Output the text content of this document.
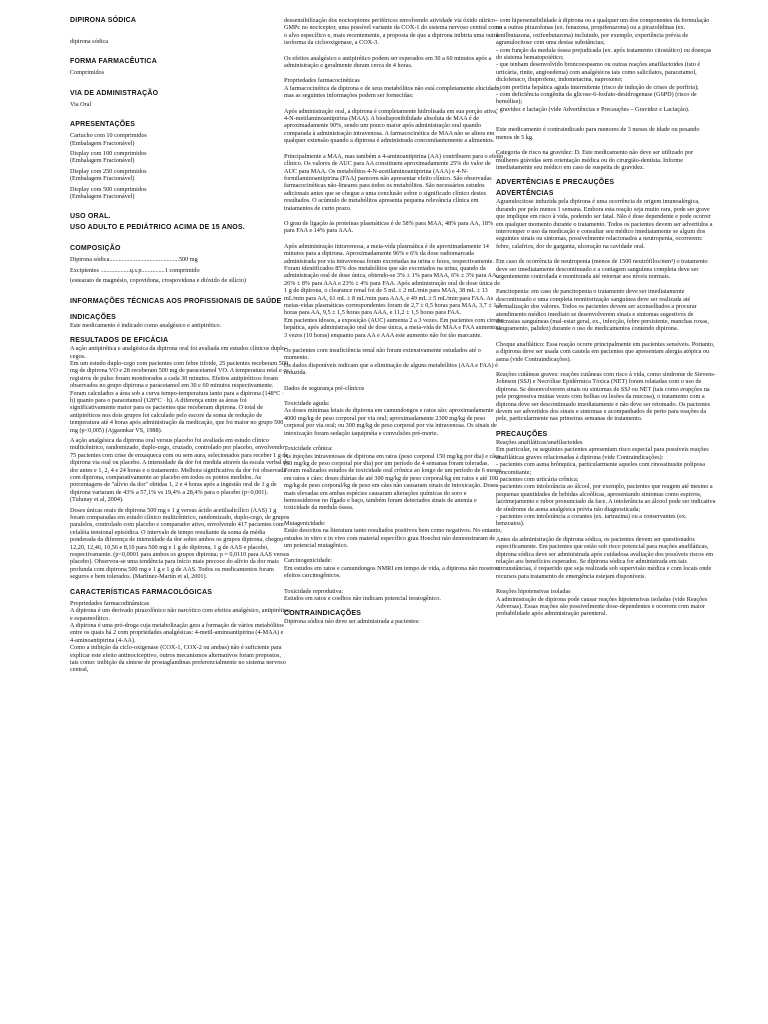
DIPIRONA SÓDICA

dipirona sódica

FORMA FARMACÊUTICA

Comprimidos

VIA DE ADMINISTRAÇÃO

Via Oral

APRESENTAÇÕES

Cartucho com 10 comprimidos

(Embalagem Fracionável)

Display com 100 comprimidos

(Embalagem Fracionável)

Display com 250 comprimidos

(Embalagem Fracionável)

Display com 500 comprimidos

(Embalagem Fracionável)

USO ORAL.

USO ADULTO E PEDIÁTRICO ACIMA DE 15 ANOS.

COMPOSIÇÃO

Dipirona sódica.............................................500 mg

Excipientes ...................q.s.p...............1 comprimido

(estearato de magnésio, copovidona, crospovidona e dióxido de silício)

INFORMAÇÕES TÉCNICAS AOS PROFISSIONAIS DE SAÚDE

INDICAÇÕES

Este medicamento é indicado como analgésico e antipirético.

RESULTADOS DE EFICÁCIA

A ação antipirética e analgésica da dipirona oral foi avaliada em estudos clínicos duplo-cegos.

Em um estudo duplo-cego com pacientes com febre tifoide, 25 pacientes receberam 500 mg de dipirona VO e 28 receberam 500 mg de paracetamol VO. A temperatura retal e os registros de pulso foram monitorados a cada 30 minutos. Efeitos antipiréticos foram observados no grupo dipirona e paracetamol em 30 e 60 minutos respectivamente. Foram calculados a área sob a curva tempo-temperatura tanto para a dipirona (148°C · h) quanto para o paracetamol (128°C · h). A diferença entre as áreas foi significativamente maior para os pacientes que receberam dipirona. O total de antipiréticos nos dois grupos foi calculado pelo escore da soma de redução de temperatura até 4 horas após administração da medicação, que foi maior no grupo 500 mg (p<0,005) (Ajgaonkar VS, 1988).

A ação analgésica da dipirona oral versus placebo foi avaliada em estudo clínico multicêntrico, randomizado, duplo-cego, cruzado, controlado por placebo, envolvendo 75 pacientes com crise de enxaqueca com ou sem aura, selecionados para receber 1 g de dipirona via oral ou placebo. A intensidade da dor foi medida através da escala verbal de dor antes e 1, 2, 4 e 24 horas e o tratamento. Melhora significativa da dor foi observada com dipirona, comparativamente ao placebo em todos os pontos medidos. As porcentagens de "alívio da dor" obtidas 1, 2 e 4 horas após a ingestão oral de 1 g de dipirona variaram de 43% a 57,1% vs 19,4% a 28,4% para o placebo (p<0,001). (Tulunay et al, 2004).

Doses únicas orais de dipirona 500 mg e 1 g versus ácido acetilsalicílico (AAS) 1 g foram comparadas em estudo clínico multicêntrico, randomizado, duplo-cego, de grupos paralelos, controlado com placebo e comparador ativo, envolvendo 417 pacientes com cefaléia tensional episódica. O intervalo de tempo resultante da soma da média ponderada da diferença de intensidade da dor sobre ambos os grupos dipirona, chegou 12,20, 12,46, 10,56 e 8,10 para 500 mg e 1 g de dipirona, 1 g de AAS e placebo, respectivamente. (p<0,0001 para ambos os grupos dipirona; p = 0,0110 para AAS versus placebo). Observou-se uma tendência para início mais precoce do alívio da dor mais profunda com dipirona 500 mg e 1 g e 1 g de AAS. Todos os medicamentos foram seguros e bem tolerados. (Martínez-Martín et al, 2001).

CARACTERÍSTICAS FARMACOLÓGICAS

Propriedades farmacodinâmicas

A dipirona é um derivado pirazolônico não narcótico com efeitos analgésico, antipirético e espasmolítico.

A dipirona é uma pró-droga cuja metabolização gera a formação de vários metabólitos entre os quais há 2 com propriedades analgésicas: 4-metil-aminoantipirina (4-MAA) e 4-aminoantipirina (4-AA).

Como a inibição da ciclo-oxigenase (COX-1, COX-2 ou ambas) não é suficiente para explicar este efeito antinociceptivo, outros mecanismos alternativos foram propostos, tais como: inibição da síntese de prostaglandinas preferencialmente no sistema nervoso central,

dessensibilização dos nociceptores periféricos envolvendo atividade via óxido nítrico-GMPc no nociceptor, uma possível variante da COX-1 do sistema nervoso central como o alvo específico e, mais recentemente, a proposta de que a dipirona inibiria uma outra isoforma da ciclooxigenase, a COX-3.

Os efeitos analgésico e antipirético podem ser esperados em 30 a 60 minutos após a administração e geralmente duram cerca de 4 horas.

Propriedades farmacocinéticas

A farmacocinética da dipirona e de seus metabólitos não está completamente elucidada, mas as seguintes informações podem ser fornecidas:

Após administração oral, a dipirona é completamente hidrolisada em sua porção ativa, 4-N-metilaminoantipirina (MAA). A biodisponibilidade absoluta de MAA é de aproximadamente 90%, sendo um pouco maior após administração oral quando comparada à administração intravenosa. A farmacocinética de MAA não se altera em qualquer extensão quando a dipirona é administrada concomitantemente a alimentos.

Principalmente a MAA, mas também a 4-aminoantipirina (AA) contribuem para o efeito clínico. Os valores de AUC para AA constituem aproximadamente 25% do valor de AUC para MAA. Os metabólitos 4-N-acetilaminoantipirina (AAA) e 4-N-formilaminoantipirina (FAA) parecem não apresentar efeito clínico. São observadas farmacocinéticas não-lineares para todos os metabólitos. São necessários estudos adicionais antes que se chegue a uma conclusão sobre o significado clínico destes resultados. O acúmulo de metabólitos apresenta pequena relevância clínica em tratamentos de curto prazo.

O grau de ligação às proteínas plasmáticas é de 58% para MAA, 48% para AA, 18% para FAA e 14% para AAA.

Após administração intravenosa, a meia-vida plasmática é de aproximadamente 14 minutos para a dipirona. Aproximadamente 96% e 6% da dose radiomarcada administrada por via intravenosa foram excretadas na urina e fezes, respectivamente. Foram identificados 85% dos metabólitos que são excretados na urina, quando da administração oral de dose única, obtendo-se 3% ± 1% para MAA, 6% ± 3% para AA, 26% ± 8% para AAA e 23% ± 4% para FAA. Após administração oral de dose única de 1 g de dipirona, o clearance renal foi de 5 mL ± 2 mL/min para MAA, 38 mL ± 13 mL/min para AA, 61 mL ± 8 mL/min para AAA, e 49 mL ± 5 mL/min para FAA. As meias-vidas plasmáticas correspondentes foram de 2,7 ± 0,5 horas para MAA, 3,7 ± 1,3 horas para AA, 9,5 ± 1,5 horas para AAA, e 11,2 ± 1,5 horas para FAA.

Em pacientes idosos, a exposição (AUC) aumenta 2 a 3 vezes. Em pacientes com cirrose hepática, após administração oral de dose única, a meia-vida de MAA e FAA aumentou 3 vezes (10 horas) enquanto para AA e AAA este aumento não foi tão marcante.

Os pacientes com insuficiência renal não foram extensivamente estudados até o momento.

Os dados disponíveis indicam que a eliminação de alguns metabólitos (AAA e FAA) é reduzida.

Dados de segurança pré-clínicos

Toxicidade aguda:

As doses mínimas letais de dipirona em camundongos e ratos são: aproximadamente 4000 mg/kg de peso corporal por via oral; aproximadamente 2300 mg/kg de peso corporal por via oral; ou 300 mg/kg de peso corporal por via intravenosa. Os sinais de intoxicação foram sedação taquipnéia e convulsões pré-morte.

Toxicidade crônica:

As injeções intravenosas de dipirona em ratos (peso corporal 150 mg/kg por dia) e cães (50 mg/kg de peso corporal por dia) por um período de 4 semanas foram toleradas. Foram realizados estudos de toxicidade oral crônica ao longo de um período de 6 meses em ratos e cães: doses diárias de até 300 mg/kg de peso corporal/kg em ratos e até 100 mg/kg de peso corporal/kg de peso em cães não causaram sinais de intoxicação. Doses mais elevadas em ambas espécies causaram alterações químicas do soro e hemossiderose no fígado e baço, também foram detectados sinais de anemia e toxicidade da medula óssea.

Mutagenicidade:

Estão descritos na literatura tanto resultados positivos bem como negativos. No entanto, estudos in vitro e in vivo com material específico grau Hoechst não demonstraram de um potencial mutagênico.

Carcinogenicidade:

Em estudos em ratos e camundongos NMRI em tempo de vida, a dipirona não mostrou efeitos carcinogênicos.

Toxicidade reprodutiva:

Estudos em ratos e coelhos não indicam potencial teratogênico.

CONTRAINDICAÇÕES

Dipirona sódica não deve ser administrada a pacientes:

- com hipersensibilidade à dipirona ou a qualquer um dos componentes da formulação ou a outras pirazolonas (ex. fenazona, propifenazona) ou a pirazolidinas (ex. fenilbutazona, oxifenbutazona) incluindo, por exemplo, experiência prévia de agranulocitose com uma destas substâncias;

- com função da medula óssea prejudicada (ex. após tratamento citostático) ou doenças do sistema hematopoiético;

- que tenham desenvolvido broncoespasmo ou outras reações anafilactoides (isto é urticária, rinite, angioedema) com analgésicos tais como salicilatos, paracetamol, diclofenaco, ibuprofeno, indometacina, naproxeno;

- com porfiria hepática aguda intermitente (risco de indução de crises de porfiria);

- com deficiência congênita da glicose-6-fosfato-desidrogenase (G6PD) (risco de hemólise);

- gravidez e lactação (vide Advertências e Precauções – Gravidez e Lactação).

Este medicamento é contraindicado para menores de 3 meses de idade ou pesando menos de 5 kg.

Categoria de risco na gravidez: D. Este medicamento não deve ser utilizado por mulheres grávidas sem orientação médica ou do cirurgião-dentista. Informe imediatamente seu médico em caso de suspeita de gravidez.

ADVERTÊNCIAS E PRECAUÇÕES

ADVERTÊNCIAS

Agranulocitose induzida pela dipirona é uma ocorrência de origem imunoalérgica, durando por pelo menos 1 semana. Embora esta reação seja muito rara, pode ser grave que implique em risco à vida, podendo ser fatal. Não é dose dependente e pode ocorrer em qualquer momento durante o tratamento. Todos os pacientes devem ser advertidos a interromper o uso da medicação e consultar seu médico imediatamente se algum dos seguintes sinais ou sintomas, possivelmente relacionados a neutropenia, ocorrerem: febre, calafrios, dor de garganta, ulceração na cavidade oral.

Em caso de ocorrência de neutropenia (menos de 1500 neutrófilos/mm³) o tratamento deve ser imediatamente descontinuado e a contagem sanguínea completa deve ser urgentemente controlada e monitorada até retornar aos níveis normais.

Pancitopenia: em caso de pancitopenia o tratamento deve ser imediatamente descontinuado e uma completa monitorização sanguínea deve ser realizada até normalização dos valores. Todos os pacientes devem ser aconselhados a procurar atendimento médico imediato se desenvolverem sinais e sintomas sugestivos de discrasias sanguíneas (mal-estar geral, ex., infecção, febre persistente, manchas roxas, sangramento, palidez) durante o uso de medicamentos contendo dipirona.

Choque anafilático: Essa reação ocorre principalmente em pacientes sensíveis. Portanto, a dipirona deve ser usada com cautela em pacientes que apresentam alergia atópica ou asma (vide Contraindicações).

Reações cutâneas graves: reações cutâneas com risco à vida, como síndrome de Stevens-Johnson (SSJ) e Necrólise Epidérmica Tóxica (NET) foram relatadas com o uso de dipirona. Se desenvolverem sinais ou sintomas de SSJ ou NET (tais como erupções na pele progressiva muitas vezes com bolhas ou lesões da mucosa), o tratamento com a dipirona deve ser descontinuado imediatamente e não deve ser retomado. Os pacientes devem ser advertidos dos sinais e sintomas e acompanhados de perto para reações da pele, particularmente nas primeiras semanas de tratamento.

PRECAUÇÕES

Reações anafiláticas/anafilactoides

Em particular, os seguintes pacientes apresentam risco especial para possíveis reações anafiláticas graves relacionadas à dipirona (vide Contraindicações):

- pacientes com asma brônquica, particularmente aqueles com rinossinusite poliposa concomitante;

- pacientes com urticária crônica;

- pacientes com intolerância ao álcool, por exemplo, pacientes que reagem até mesmo a pequenas quantidades de bebidas alcoólicas, apresentando sintomas como espirros, lacrimejamento e rubor pronunciado da face. A intolerância ao álcool pode ser indicativa de síndrome da asma analgésica prévia não diagnosticada;

- pacientes com intolerância a corantes (ex. tartrazina) ou a conservantes (ex. benzoatos).

Antes da administração de dipirona sódica, os pacientes devem ser questionados especificamente. Em pacientes que estão sob risco potencial para reações anafiláticas, dipirona sódica deve ser administrada após cuidadosa avaliação dos possíveis riscos em relação aos benefícios esperados. Se dipirona sódica for administrada em tais circunstâncias, é requerido que seja realizada sob supervisão médica e com locais onde recursos para tratamento de emergência estejam disponíveis.

Reações hipotensivas isoladas

A administração de dipirona pode causar reações hipotensivas isoladas (vide Reações Adversas). Essas reações são possivelmente dose-dependentes e ocorrem com maior probabilidade após administração parenteral.
